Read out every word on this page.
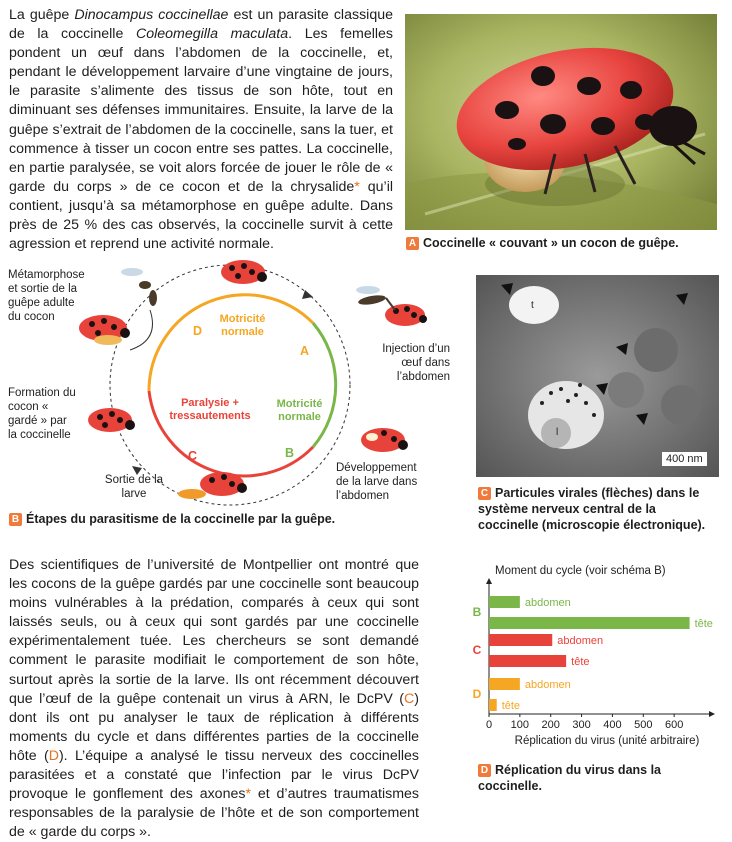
La guêpe Dinocampus coccinellae est un parasite classique de la coccinelle Coleomegilla maculata. Les femelles pondent un œuf dans l’abdomen de la coccinelle, et, pendant le développement larvaire d’une vingtaine de jours, le parasite s’alimente des tissus de son hôte, tout en diminuant ses défenses immunitaires. Ensuite, la larve de la guêpe s’extrait de l’abdomen de la coccinelle, sans la tuer, et commence à tisser un cocon entre ses pattes. La coccinelle, en partie paralysée, se voit alors forcée de jouer le rôle de « garde du corps » de ce cocon et de la chrysalide* qu’il contient, jusqu’à sa métamorphose en guêpe adulte. Dans près de 25 % des cas observés, la coccinelle survit à cette agression et reprend une activité normale.	A Coccinelle « couvant » un cocon de guêpe.
D
A
B
C
Motricité normale
Motricité normale
Paralysie + tressautements
Métamorphose et sortie de la guêpe adulte du cocon
Injection d’un œuf dans l’abdomen
Formation du cocon « gardé » par la coccinelle
Développement de la larve dans l’abdomen
Sortie de la larve
B Étapes du parasitisme de la coccinelle par la guêpe.
t
l
400 nm
C Particules virales (flèches) dans le système nerveux central de la coccinelle (microscopie électronique).

Des scientifiques de l’université de Montpellier ont montré que les cocons de la guêpe gardés par une coccinelle sont beaucoup moins vulnérables à la prédation, comparés à ceux qui sont laissés seuls, ou à ceux qui sont gardés par une coccinelle expérimentalement tuée. Les chercheurs se sont demandé comment le parasite modifiait le comportement de son hôte, surtout après la sortie de la larve. Ils ont récemment découvert que l’œuf de la guêpe contenait un virus à ARN, le DcPV (C) dont ils ont pu analyser le taux de réplication à différents moments du cycle et dans différentes parties de la coccinelle hôte (D). L’équipe a analysé le tissu nerveux des coccinelles parasitées et a constaté que l’infection par le virus DcPV provoque le gonflement des axones* et d’autres traumatismes responsables de la paralysie de l’hôte et de son comportement de « garde du corps ».

Moment du cycle (voir schéma B)
0 100 200 300 400 500 600
Réplication du virus (unité arbitraire)
B
abdomen
tête
C
abdomen
tête
D
abdomen
tête
D Réplication du virus dans la coccinelle.
